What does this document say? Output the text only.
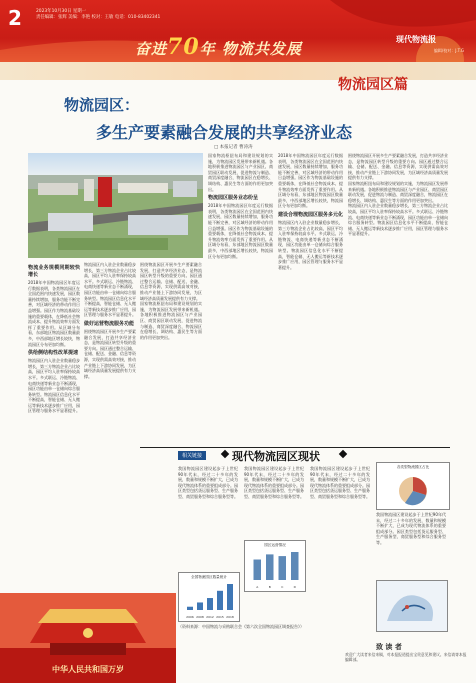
2	2023年10月30日 星期一
责任编辑：张辉 美编：李艳 校对：王敏 电话：010-83402341
奋进70年 物流共发展
现代物流报
编辑/校对：J.T.G
物流园区篇
物流园区：
多生产要素融合发展的共享经济业态
□ 本报记者 曹涛涛
物流业务规模同期较快增长
2018年中国物流园区年度运行数据表明，各类物流园区在全国范围内快速发展，园区数量持续增加，服务功能不断完善，对区域经济的带动作用日益增强。园区作为物流基础设施的重要载体，在降低社会物流成本、提升物流效率方面发挥了重要作用。从区域分布看，东部地区物流园区数量最多，中西部地区增长较快，物流园区分布更加均衡。
供给侧结构性改革提速
物流园区内入驻企业数量稳步增长，第三方物流企业占比较高，园区平均入驻率保持较高水平。多式联运、冷链物流、电商快递等新业态不断涌现，园区功能由单一仓储向综合服务转型。物流园区信息化水平不断提高，智能仓储、无人搬运等新技术逐步推广应用，园区管理与服务水平显著提升。
物流园区内入驻企业数量稳步增长，第三方物流企业占比较高，园区平均入驻率保持较高水平。多式联运、冷链物流、电商快递等新业态不断涌现，园区功能由单一仓储向综合服务转型。物流园区信息化水平不断提高，智能仓储、无人搬运等新技术逐步推广应用，园区管理与服务水平显著提升。
做好运营物流服务功能
围绕物流园区开展多生产要素融合发展，打造共享经济业态，是物流园区转型升级的重要方向。园区通过整合运输、仓储、配送、金融、信息等资源，实现供需高效对接，推动产业链上下游协同发展，为区域经济高质量发展提供有力支撑。
围绕物流园区开展多生产要素融合发展，打造共享经济业态，是物流园区转型升级的重要方向。园区通过整合运输、仓储、配送、金融、信息等资源，实现供需高效对接，推动产业链上下游协同发展，为区域经济高质量发展提供有力支撑。
国家物流枢纽布局和建设规划的实施，为物流园区发展带来新机遇。各地积极推进物流园区与产业园区、商贸园区联动发展，促进物流与制造、商贸深度融合，物流园区在稳增长、调结构、惠民生等方面的作用更加突出。
国家物流枢纽布局和建设规划的实施，为物流园区发展带来新机遇。各地积极推进物流园区与产业园区、商贸园区联动发展，促进物流与制造、商贸深度融合，物流园区在稳增长、调结构、惠民生等方面的作用更加突出。
物流园区服务业态纷呈
2018年中国物流园区年度运行数据表明，各类物流园区在全国范围内快速发展，园区数量持续增加，服务功能不断完善，对区域经济的带动作用日益增强。园区作为物流基础设施的重要载体，在降低社会物流成本、提升物流效率方面发挥了重要作用。从区域分布看，东部地区物流园区数量最多，中西部地区增长较快，物流园区分布更加均衡。
2018年中国物流园区年度运行数据表明，各类物流园区在全国范围内快速发展，园区数量持续增加，服务功能不断完善，对区域经济的带动作用日益增强。园区作为物流基础设施的重要载体，在降低社会物流成本、提升物流效率方面发挥了重要作用。从区域分布看，东部地区物流园区数量最多，中西部地区增长较快，物流园区分布更加均衡。
建设合理物流园区服务多元化
物流园区内入驻企业数量稳步增长，第三方物流企业占比较高，园区平均入驻率保持较高水平。多式联运、冷链物流、电商快递等新业态不断涌现，园区功能由单一仓储向综合服务转型。物流园区信息化水平不断提高，智能仓储、无人搬运等新技术逐步推广应用，园区管理与服务水平显著提升。
围绕物流园区开展多生产要素融合发展，打造共享经济业态，是物流园区转型升级的重要方向。园区通过整合运输、仓储、配送、金融、信息等资源，实现供需高效对接，推动产业链上下游协同发展，为区域经济高质量发展提供有力支撑。
国家物流枢纽布局和建设规划的实施，为物流园区发展带来新机遇。各地积极推进物流园区与产业园区、商贸园区联动发展，促进物流与制造、商贸深度融合，物流园区在稳增长、调结构、惠民生等方面的作用更加突出。
物流园区内入驻企业数量稳步增长，第三方物流企业占比较高，园区平均入驻率保持较高水平。多式联运、冷链物流、电商快递等新业态不断涌现，园区功能由单一仓储向综合服务转型。物流园区信息化水平不断提高，智能仓储、无人搬运等新技术逐步推广应用，园区管理与服务水平显著提升。
相关链接	现代物流园区现状
我国物流园区建设起步于上世纪90年代末，经过二十多年的发展，数量和规模不断扩大，已成为现代物流体系的重要组成部分。园区类型包括货运服务型、生产服务型、商贸服务型和综合服务型等。
我国物流园区建设起步于上世纪90年代末，经过二十多年的发展，数量和规模不断扩大，已成为现代物流体系的重要组成部分。园区类型包括货运服务型、生产服务型、商贸服务型和综合服务型等。
我国物流园区建设起步于上世纪90年代末，经过二十多年的发展，数量和规模不断扩大，已成为现代物流体系的重要组成部分。园区类型包括货运服务型、生产服务型、商贸服务型和综合服务型等。
我国物流园区建设起步于上世纪90年代末，经过二十多年的发展，数量和规模不断扩大，已成为现代物流体系的重要组成部分。园区类型包括货运服务型、生产服务型、商贸服务型和综合服务型等。
各类型物流园区占比
园区运营情况
A	B	C	D
全国物流园区数量统计
2006 2008 2012 2015 2018
（资料来源：中国物流与采购联合会《第六次全国物流园区调查报告》）
中华人民共和国万岁
致 读 者
欢迎广大读者来信来稿，对本报报道提出宝贵意见和建议。来信请寄本报编辑部。
